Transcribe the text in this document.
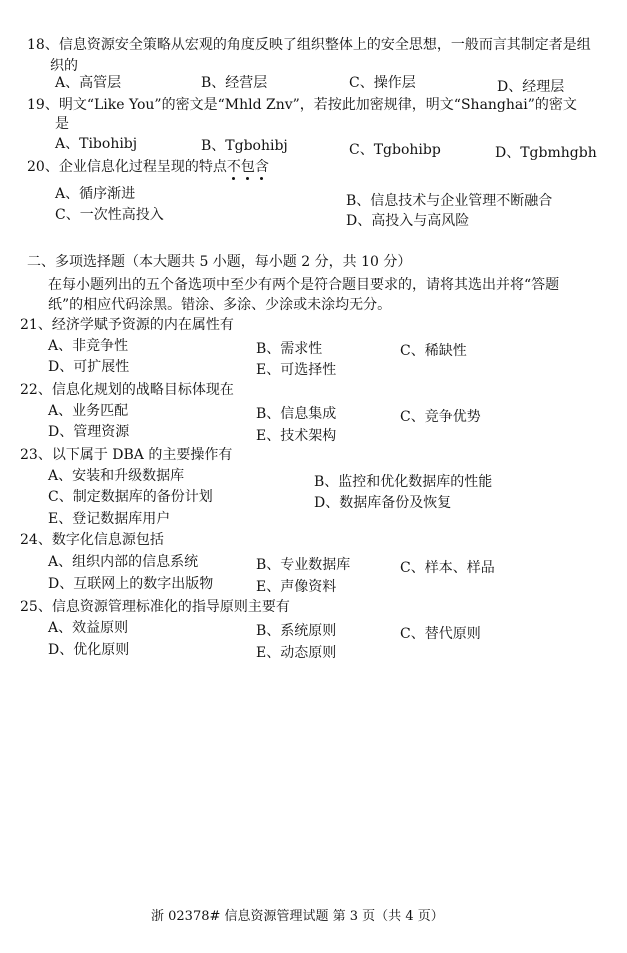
18、信息资源安全策略从宏观的角度反映了组织整体上的安全思想，一般而言其制定者是组
织的
A、高管层	B、经营层	C、操作层	D、经理层
19、明文“Like You”的密文是“Mhld Znv”，若按此加密规律，明文“Shanghai”的密文
是
A、Tibohibj	B、Tgbohibj	C、Tgbohibp	D、Tgbmhgbh
20、企业信息化过程呈现的特点不包含
A、循序渐进	B、信息技术与企业管理不断融合
C、一次性高投入	D、高投入与高风险
二、多项选择题（本大题共 5 小题，每小题 2 分，共 10 分）
在每小题列出的五个备选项中至少有两个是符合题目要求的，请将其选出并将“答题
纸”的相应代码涂黑。错涂、多涂、少涂或未涂均无分。
21、经济学赋予资源的内在属性有
A、非竞争性	B、需求性	C、稀缺性
D、可扩展性	E、可选择性
22、信息化规划的战略目标体现在
A、业务匹配	B、信息集成	C、竞争优势
D、管理资源	E、技术架构
23、以下属于 DBA 的主要操作有
A、安装和升级数据库	B、监控和优化数据库的性能
C、制定数据库的备份计划	D、数据库备份及恢复
E、登记数据库用户
24、数字化信息源包括
A、组织内部的信息系统	B、专业数据库	C、样本、样品
D、互联网上的数字出版物	E、声像资料
25、信息资源管理标准化的指导原则主要有
A、效益原则	B、系统原则	C、替代原则
D、优化原则	E、动态原则
浙 02378# 信息资源管理试题 第 3 页（共 4 页）
